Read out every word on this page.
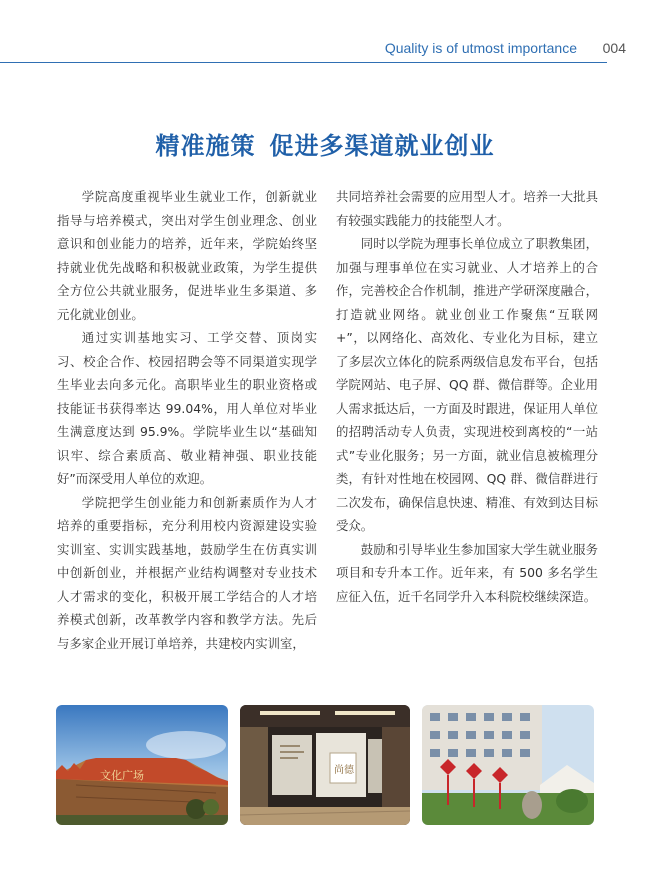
Quality is of utmost importance 004
精准施策 促进多渠道就业创业

学院高度重视毕业生就业工作，创新就业指导与培养模式，突出对学生创业理念、创业意识和创业能力的培养，近年来，学院始终坚持就业优先战略和积极就业政策，为学生提供全方位公共就业服务，促进毕业生多渠道、多元化就业创业。

通过实训基地实习、工学交替、顶岗实习、校企合作、校园招聘会等不同渠道实现学生毕业去向多元化。高职毕业生的职业资格或技能证书获得率达 99.04%，用人单位对毕业生满意度达到 95.9%。学院毕业生以“基础知识牢、综合素质高、敬业精神强、职业技能好”而深受用人单位的欢迎。

学院把学生创业能力和创新素质作为人才培养的重要指标，充分利用校内资源建设实验实训室、实训实践基地，鼓励学生在仿真实训中创新创业，并根据产业结构调整对专业技术人才需求的变化，积极开展工学结合的人才培养模式创新，改革教学内容和教学方法。先后与多家企业开展订单培养，共建校内实训室，

共同培养社会需要的应用型人才。培养一大批具有较强实践能力的技能型人才。

同时以学院为理事长单位成立了职教集团，加强与理事单位在实习就业、人才培养上的合作，完善校企合作机制，推进产学研深度融合，打造就业网络。就业创业工作聚焦“互联网 +”，以网络化、高效化、专业化为目标，建立了多层次立体化的院系两级信息发布平台，包括学院网站、电子屏、QQ 群、微信群等。企业用人需求抵达后，一方面及时跟进，保证用人单位的招聘活动专人负责，实现进校到离校的“一站式”专业化服务；另一方面，就业信息被梳理分类，有针对性地在校园网、QQ 群、微信群进行二次发布，确保信息快速、精准、有效到达目标受众。

鼓励和引导毕业生参加国家大学生就业服务项目和专升本工作。近年来，有 500 多名学生应征入伍，近千名同学升入本科院校继续深造。

文化广场	尚德
